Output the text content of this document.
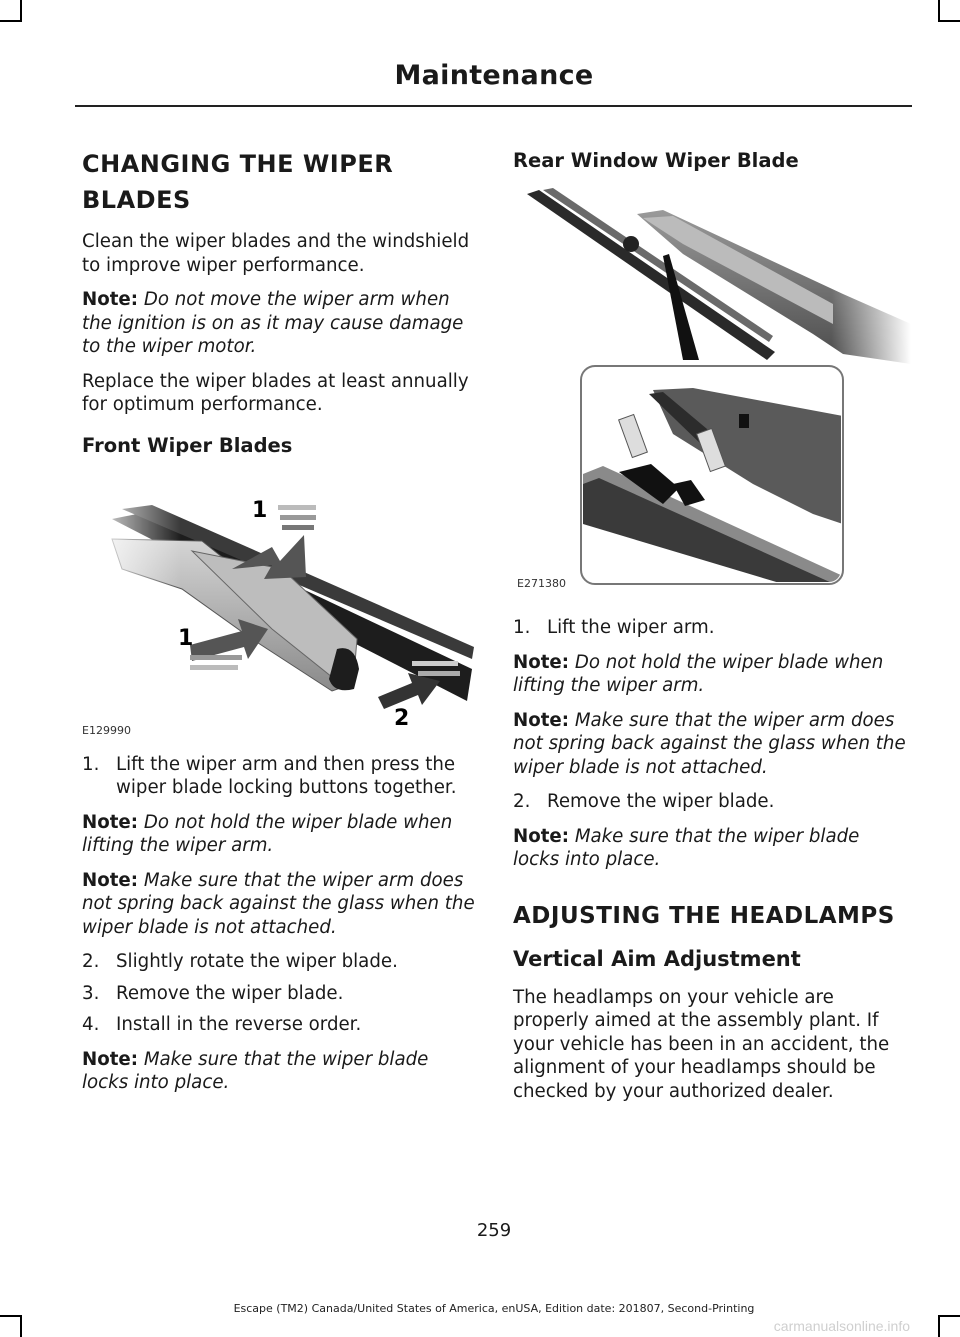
Maintenance
CHANGING THE WIPER BLADES

Clean the wiper blades and the windshield to improve wiper performance.

Note: Do not move the wiper arm when the ignition is on as it may cause damage to the wiper motor.

Replace the wiper blades at least annually for optimum performance.

Front Wiper Blades
1
1
2
E129990
1. Lift the wiper arm and then press the wiper blade locking buttons together.

Note: Do not hold the wiper blade when lifting the wiper arm.

Note: Make sure that the wiper arm does not spring back against the glass when the wiper blade is not attached.

2. Slightly rotate the wiper blade.
3. Remove the wiper blade.
4. Install in the reverse order.

Note: Make sure that the wiper blade locks into place.

Rear Window Wiper Blade
E271380
1. Lift the wiper arm.

Note: Do not hold the wiper blade when lifting the wiper arm.

Note: Make sure that the wiper arm does not spring back against the glass when the wiper blade is not attached.

2. Remove the wiper blade.

Note: Make sure that the wiper blade locks into place.

ADJUSTING THE HEADLAMPS
Vertical Aim Adjustment

The headlamps on your vehicle are properly aimed at the assembly plant. If your vehicle has been in an accident, the alignment of your headlamps should be checked by your authorized dealer.

259
Escape (TM2) Canada/United States of America, enUSA, Edition date: 201807, Second-Printing
carmanualsonline.info
